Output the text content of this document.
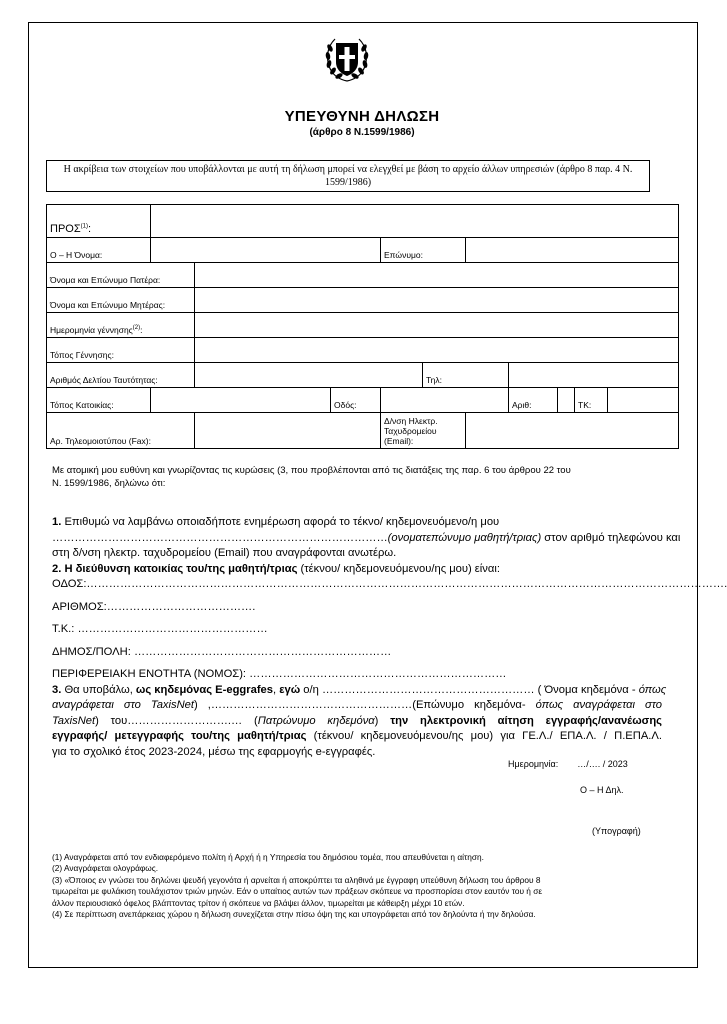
ΥΠΕΥΘΥΝΗ ΔΗΛΩΣΗ
(άρθρο 8 Ν.1599/1986)
Η ακρίβεια των στοιχείων που υποβάλλονται με αυτή τη δήλωση μπορεί να ελεγχθεί με βάση το αρχείο άλλων υπηρεσιών (άρθρο 8 παρ. 4 Ν. 1599/1986)
ΠΡΟΣ$^{(1)}$:										
Ο – Η Όνομα:				Επώνυμο:						
Όνομα και Επώνυμο Πατέρα:										
Όνομα και Επώνυμο Μητέρας:										
Ημερομηνία γέννησης$^{(2)}$:										
Τόπος Γέννησης:										
Αριθμός Δελτίου Ταυτότητας:					Τηλ:					
Τόπος Κατοικίας:			Οδός:				Αριθ:		ΤΚ:	
Αρ. Τηλεομοιοτύπου (Fax):				Δ/νση Ηλεκτρ.
Ταχυδρομείου
(Email):						

Με ατομική μου ευθύνη και γνωρίζοντας τις κυρώσεις (3, που προβλέπονται από τις διατάξεις της παρ. 6 του άρθρου 22 του
Ν. 1599/1986, δηλώνω ότι:
1. Επιθυμώ να λαμβάνω οποιαδήποτε ενημέρωση αφορά το τέκνο/ κηδεμονευόμενο/η μου
………………………………………………………………………………(ονοματεπώνυμο μαθητή/τριας) στον αριθμό τηλεφώνου και
στη δ/νση ηλεκτρ. ταχυδρομείου (Email) που αναγράφονται ανωτέρω.
2. Η διεύθυνση κατοικίας του/της μαθητή/τριας (τέκνου/ κηδεμονευόμενου/ης μου) είναι:
ΟΔΟΣ:……………………………………………………………………………………………………………………………………………………….
ΑΡΙΘΜΟΣ:………………………………….
Τ.Κ.: ……………………………………………
ΔΗΜΟΣ/ΠΟΛΗ: ……………………………………………………………
ΠΕΡΙΦΕΡΕΙΑΚΗ ΕΝΟΤΗΤΑ (ΝΟΜΟΣ): ……………………………………………………………
3. Θα υποβάλω, ως κηδεμόνας E-eggrafes, εγώ ο/η ………………………………………………… ( Όνομα κηδεμόνα - όπως
αναγράφεται στο TaxisNet) ,………………………………………………(Επώνυμο κηδεμόνα- όπως αναγράφεται στο
TaxisNet) του……………………….… (Πατρώνυμο κηδεμόνα) την ηλεκτρονική αίτηση εγγραφής/ανανέωσης
εγγραφής/ μετεγγραφής του/της μαθητή/τριας (τέκνου/ κηδεμονευόμενου/ης μου) για ΓΕ.Λ./ ΕΠΑ.Λ. / Π.ΕΠΑ.Λ.
για το σχολικό έτος 2023-2024, μέσω της εφαρμογής e-εγγραφές.
Ημερομηνία: …/…. / 2023
Ο – Η Δηλ.
(Υπογραφή)
(1) Αναγράφεται από τον ενδιαφερόμενο πολίτη ή Αρχή ή η Υπηρεσία του δημόσιου τομέα, που απευθύνεται η αίτηση.
(2) Αναγράφεται ολογράφως.
(3) «Όποιος εν γνώσει του δηλώνει ψευδή γεγονότα ή αρνείται ή αποκρύπτει τα αληθινά με έγγραφη υπεύθυνη δήλωση του άρθρου 8
τιμωρείται με φυλάκιση τουλάχιστον τριών μηνών. Εάν ο υπαίτιος αυτών των πράξεων σκόπευε να προσπορίσει στον εαυτόν του ή σε
άλλον περιουσιακό όφελος βλάπτοντας τρίτον ή σκόπευε να βλάψει άλλον, τιμωρείται με κάθειρξη μέχρι 10 ετών.
(4) Σε περίπτωση ανεπάρκειας χώρου η δήλωση συνεχίζεται στην πίσω όψη της και υπογράφεται από τον δηλούντα ή την δηλούσα.
